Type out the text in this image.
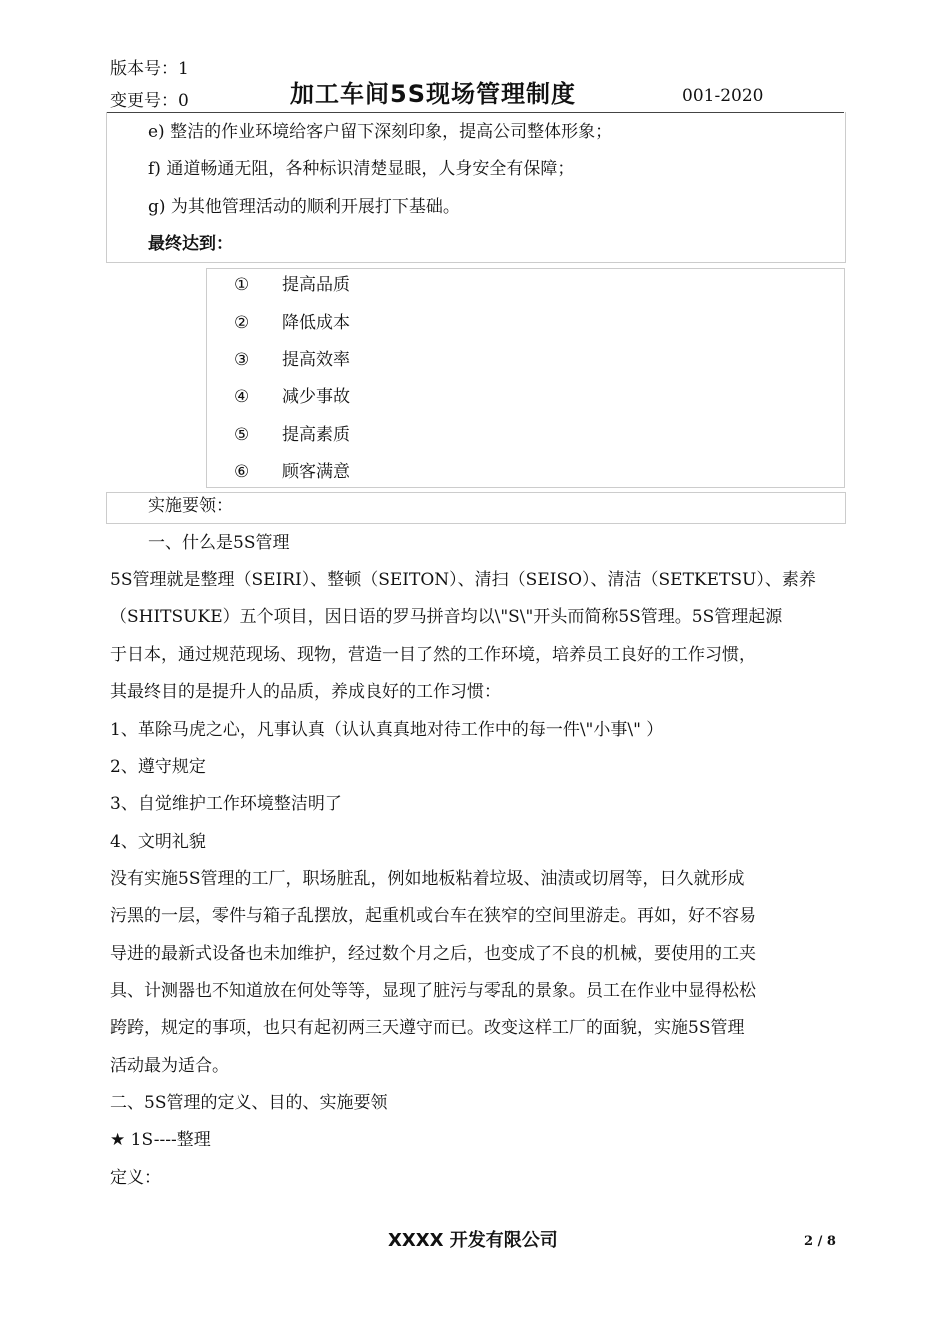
版本号：1
变更号：0	加工车间5S现场管理制度	001-2020
e) 整洁的作业环境给客户留下深刻印象，提高公司整体形象；
f) 通道畅通无阻，各种标识清楚显眼，人身安全有保障；
g) 为其他管理活动的顺利开展打下基础。
最终达到：
① 提高品质
② 降低成本
③ 提高效率
④ 减少事故
⑤ 提高素质
⑥ 顾客满意
实施要领：
一、什么是5S管理
5S管理就是整理（SEIRI）、整顿（SEITON）、清扫（SEISO）、清洁（SETKETSU）、素养
（SHITSUKE）五个项目，因日语的罗马拼音均以\"S\"开头而简称5S管理。5S管理起源
于日本，通过规范现场、现物，营造一目了然的工作环境，培养员工良好的工作习惯，
其最终目的是提升人的品质，养成良好的工作习惯：
1、革除马虎之心，凡事认真（认认真真地对待工作中的每一件\"小事\" ）
2、遵守规定
3、自觉维护工作环境整洁明了
4、文明礼貌
没有实施5S管理的工厂，职场脏乱，例如地板粘着垃圾、油渍或切屑等，日久就形成
污黑的一层，零件与箱子乱摆放，起重机或台车在狭窄的空间里游走。再如，好不容易
导进的最新式设备也未加维护，经过数个月之后，也变成了不良的机械，要使用的工夹
具、计测器也不知道放在何处等等，显现了脏污与零乱的景象。员工在作业中显得松松
跨跨，规定的事项，也只有起初两三天遵守而已。改变这样工厂的面貌，实施5S管理
活动最为适合。
二、5S管理的定义、目的、实施要领
★ 1S----整理
定义：
XXXX 开发有限公司	2 / 8
